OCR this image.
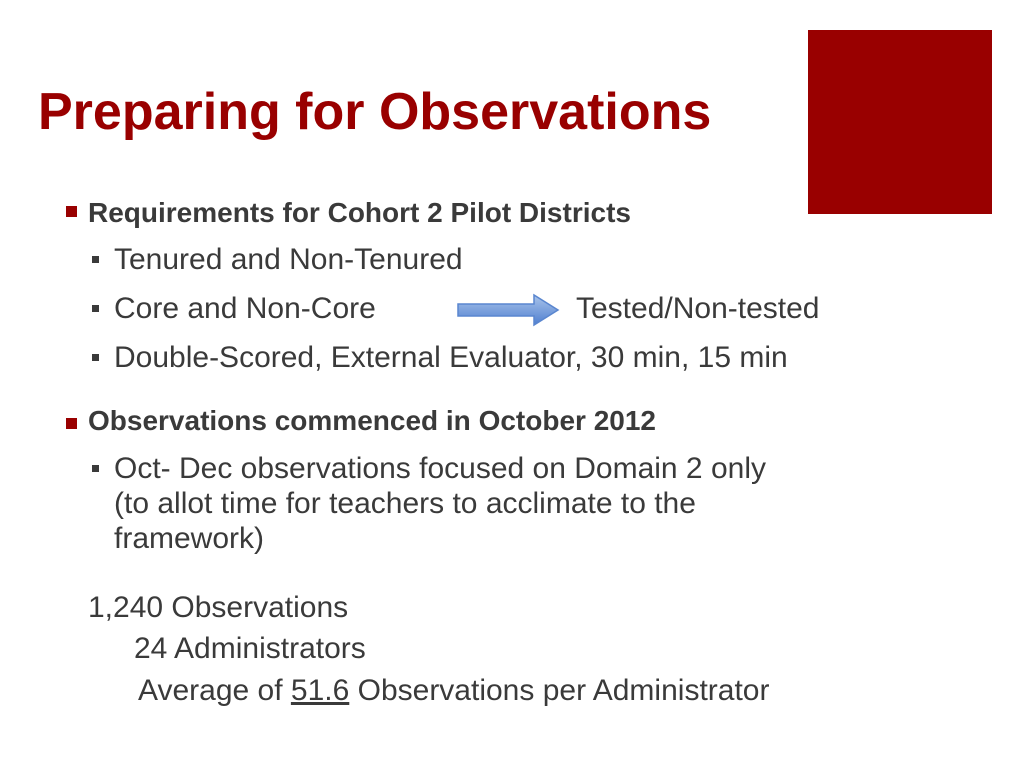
Preparing for Observations
Requirements for Cohort 2 Pilot Districts
Tenured and Non-Tenured
Core and Non-Core	Tested/Non-tested
Double-Scored, External Evaluator, 30 min, 15 min
Observations commenced in October 2012
Oct- Dec observations focused on Domain 2 only
(to allot time for teachers to acclimate to the
framework)
1,240 Observations
24 Administrators
Average of 51.6 Observations per Administrator
